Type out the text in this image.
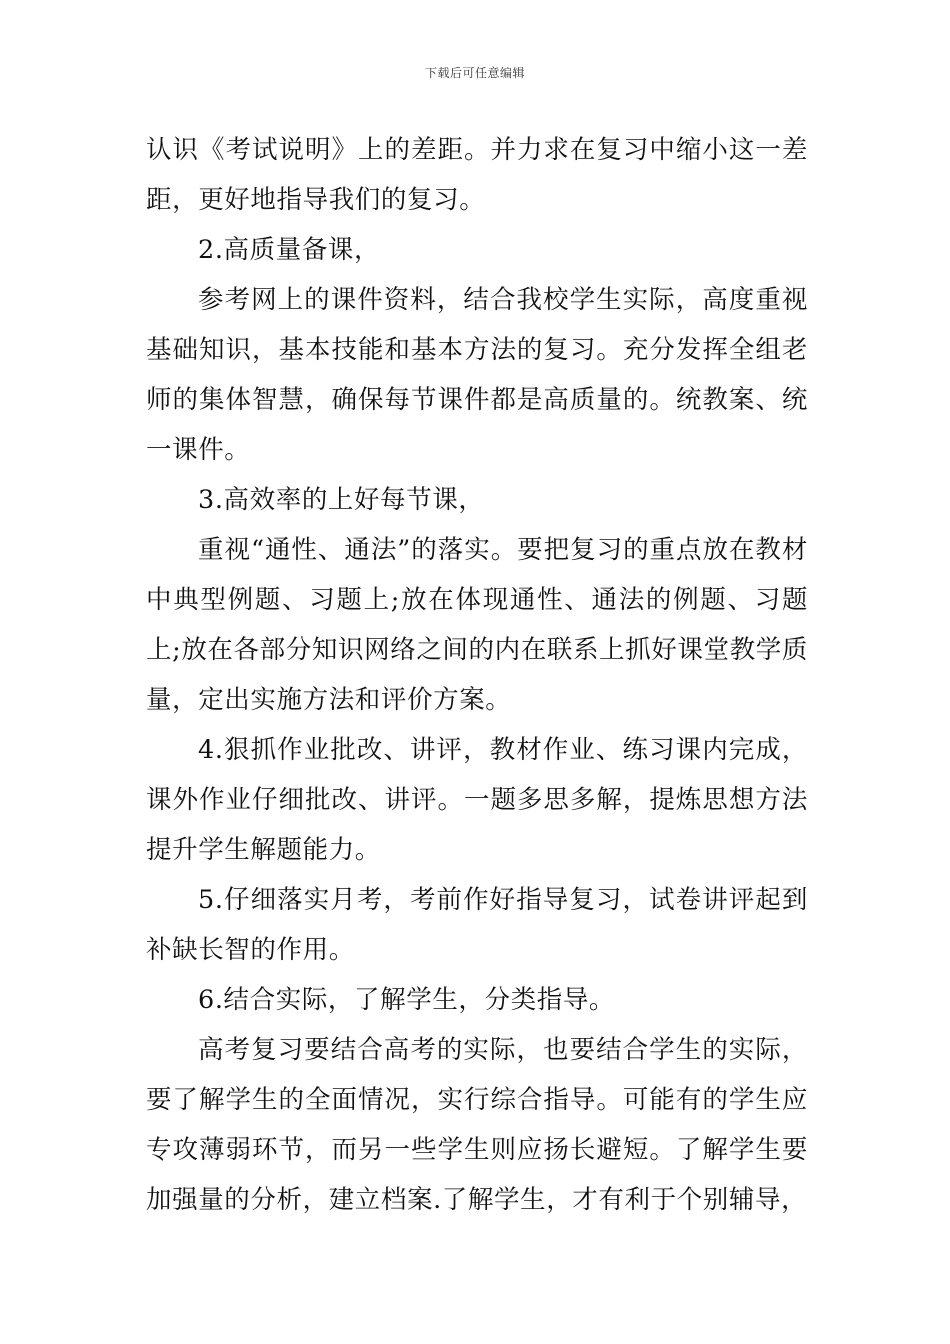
下载后可任意编辑

认识《考试说明》上的差距。并力求在复习中缩小这一差距，更好地指导我们的复习。

2.高质量备课，

参考网上的课件资料，结合我校学生实际，高度重视基础知识，基本技能和基本方法的复习。充分发挥全组老师的集体智慧，确保每节课件都是高质量的。统教案、统一课件。

3.高效率的上好每节课，

重视“通性、通法”的落实。要把复习的重点放在教材中典型例题、习题上;放在体现通性、通法的例题、习题上;放在各部分知识网络之间的内在联系上抓好课堂教学质量，定出实施方法和评价方案。

4.狠抓作业批改、讲评，教材作业、练习课内完成，课外作业仔细批改、讲评。一题多思多解，提炼思想方法提升学生解题能力。

5.仔细落实月考，考前作好指导复习，试卷讲评起到补缺长智的作用。

6.结合实际，了解学生，分类指导。

高考复习要结合高考的实际，也要结合学生的实际，要了解学生的全面情况，实行综合指导。可能有的学生应专攻薄弱环节，而另一些学生则应扬长避短。了解学生要加强量的分析，建立档案.了解学生，才有利于个别辅导，
